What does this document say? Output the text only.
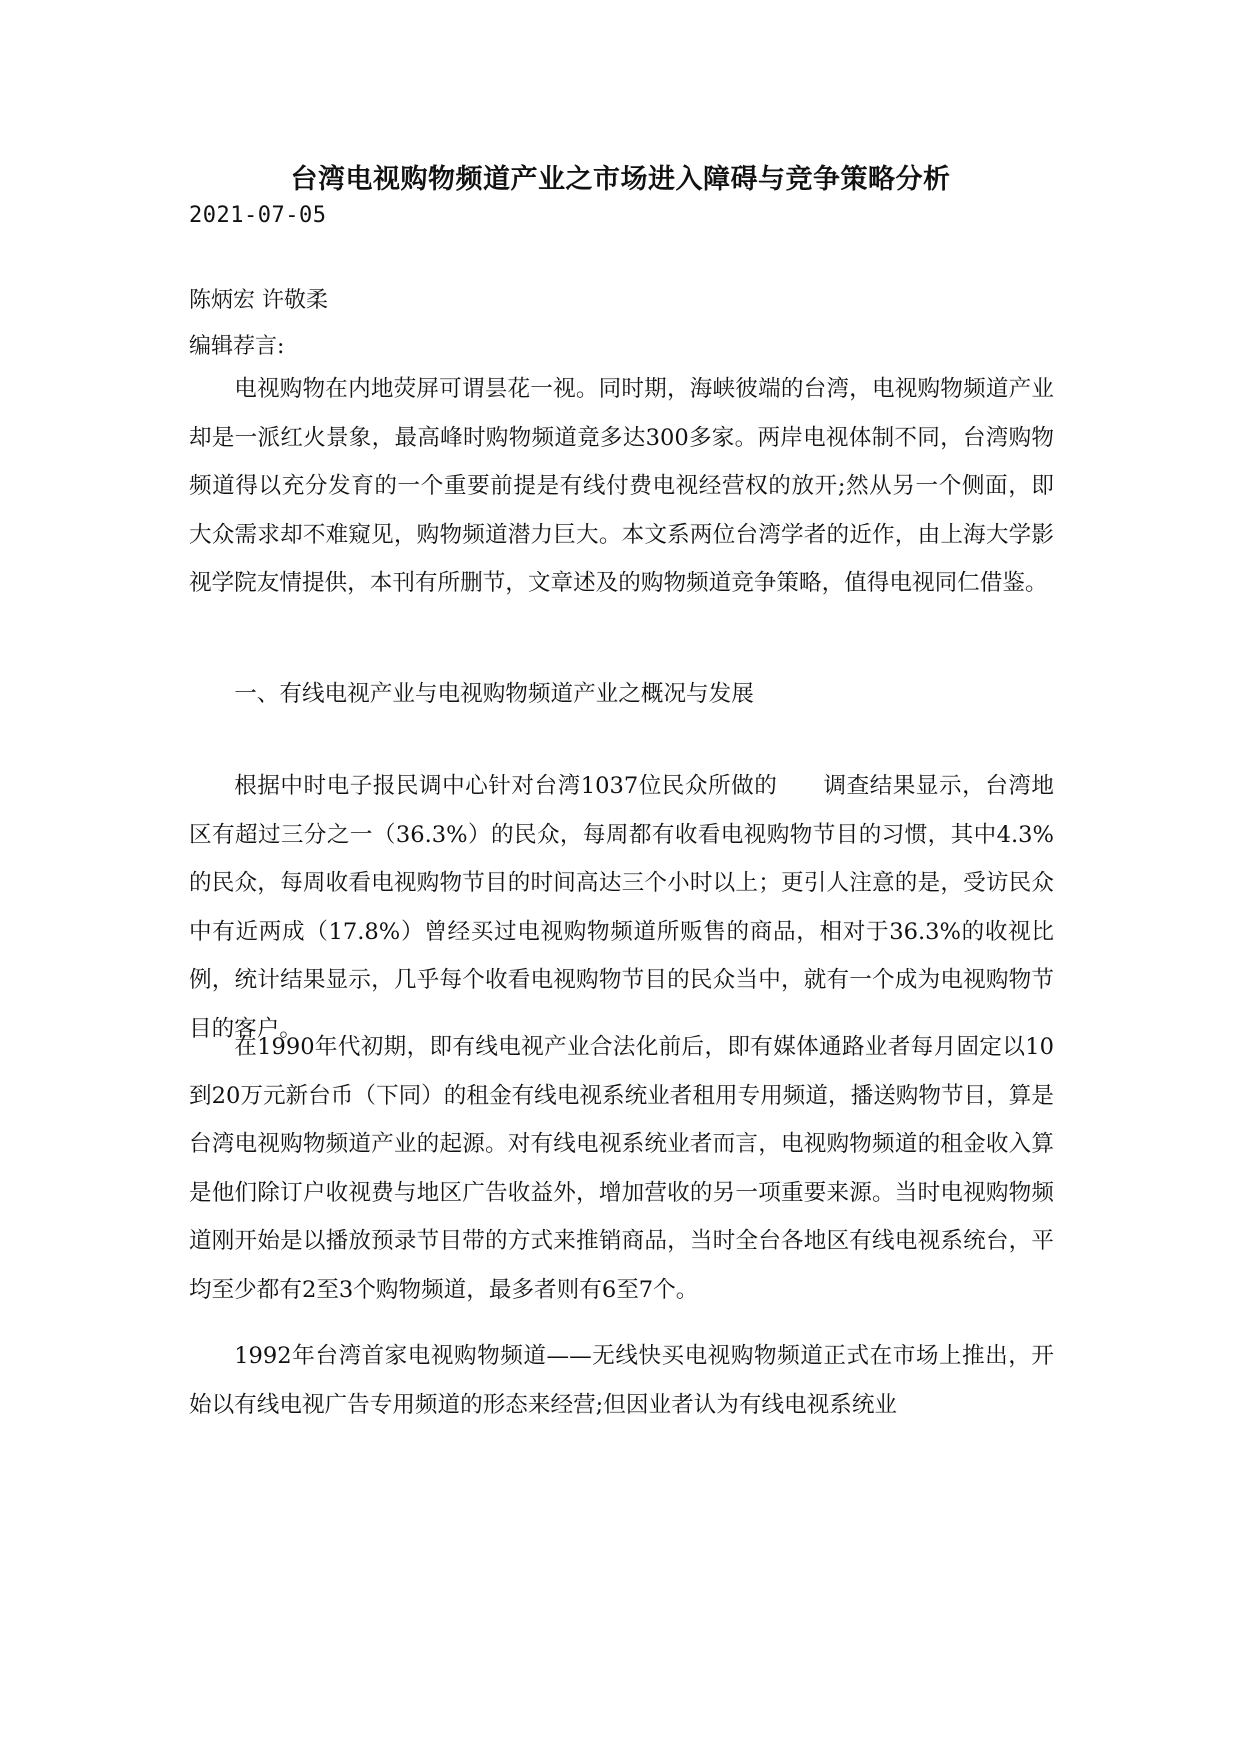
台湾电视购物频道产业之市场进入障碍与竞争策略分析

2021-07-05

陈炳宏 许敬柔

编辑荐言:

电视购物在内地荧屏可谓昙花一视。同时期，海峡彼端的台湾，电视购物频道产业却是一派红火景象，最高峰时购物频道竟多达300多家。两岸电视体制不同，台湾购物频道得以充分发育的一个重要前提是有线付费电视经营权的放开;然从另一个侧面，即大众需求却不难窥见，购物频道潜力巨大。本文系两位台湾学者的近作，由上海大学影视学院友情提供，本刊有所删节，文章述及的购物频道竞争策略，值得电视同仁借鉴。

一、有线电视产业与电视购物频道产业之概况与发展

根据中时电子报民调中心针对台湾1037位民众所做的　　调查结果显示，台湾地区有超过三分之一（36.3%）的民众，每周都有收看电视购物节目的习惯，其中4.3%的民众，每周收看电视购物节目的时间高达三个小时以上；更引人注意的是，受访民众中有近两成（17.8%）曾经买过电视购物频道所贩售的商品，相对于36.3%的收视比例，统计结果显示，几乎每个收看电视购物节目的民众当中，就有一个成为电视购物节目的客户。

在1990年代初期，即有线电视产业合法化前后，即有媒体通路业者每月固定以10到20万元新台币（下同）的租金有线电视系统业者租用专用频道，播送购物节目，算是台湾电视购物频道产业的起源。对有线电视系统业者而言，电视购物频道的租金收入算是他们除订户收视费与地区广告收益外，增加营收的另一项重要来源。当时电视购物频道刚开始是以播放预录节目带的方式来推销商品，当时全台各地区有线电视系统台，平均至少都有2至3个购物频道，最多者则有6至7个。

1992年台湾首家电视购物频道——无线快买电视购物频道正式在市场上推出，开始以有线电视广告专用频道的形态来经营;但因业者认为有线电视系统业
